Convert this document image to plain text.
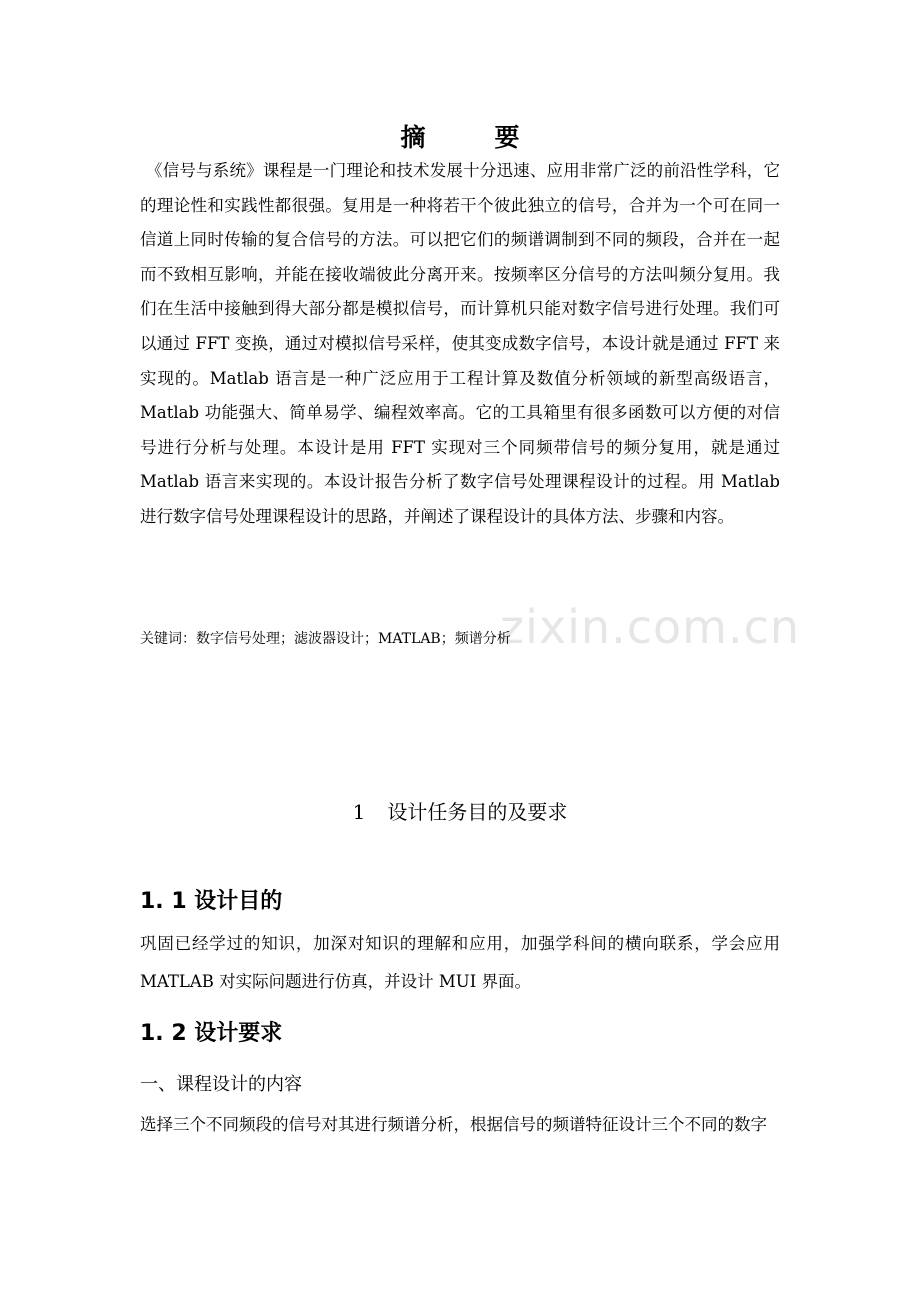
zixin.com.cn
摘　要
《信号与系统》课程是一门理论和技术发展十分迅速、应用非常广泛的前沿性学科，它的理论性和实践性都很强。复用是一种将若干个彼此独立的信号，合并为一个可在同一信道上同时传输的复合信号的方法。可以把它们的频谱调制到不同的频段，合并在一起而不致相互影响，并能在接收端彼此分离开来。按频率区分信号的方法叫频分复用。我们在生活中接触到得大部分都是模拟信号，而计算机只能对数字信号进行处理。我们可以通过 FFT 变换，通过对模拟信号采样，使其变成数字信号，本设计就是通过 FFT 来实现的。Matlab 语言是一种广泛应用于工程计算及数值分析领域的新型高级语言，Matlab 功能强大、简单易学、编程效率高。它的工具箱里有很多函数可以方便的对信号进行分析与处理。本设计是用 FFT 实现对三个同频带信号的频分复用，就是通过 Matlab 语言来实现的。本设计报告分析了数字信号处理课程设计的过程。用 Matlab 进行数字信号处理课程设计的思路，并阐述了课程设计的具体方法、步骤和内容。
关键词：数字信号处理；滤波器设计；MATLAB；频谱分析
1 设计任务目的及要求
1. 1 设计目的
巩固已经学过的知识，加深对知识的理解和应用，加强学科间的横向联系，学会应用 MATLAB 对实际问题进行仿真，并设计 MUI 界面。
1. 2 设计要求
一、课程设计的内容
选择三个不同频段的信号对其进行频谱分析，根据信号的频谱特征设计三个不同的数字
